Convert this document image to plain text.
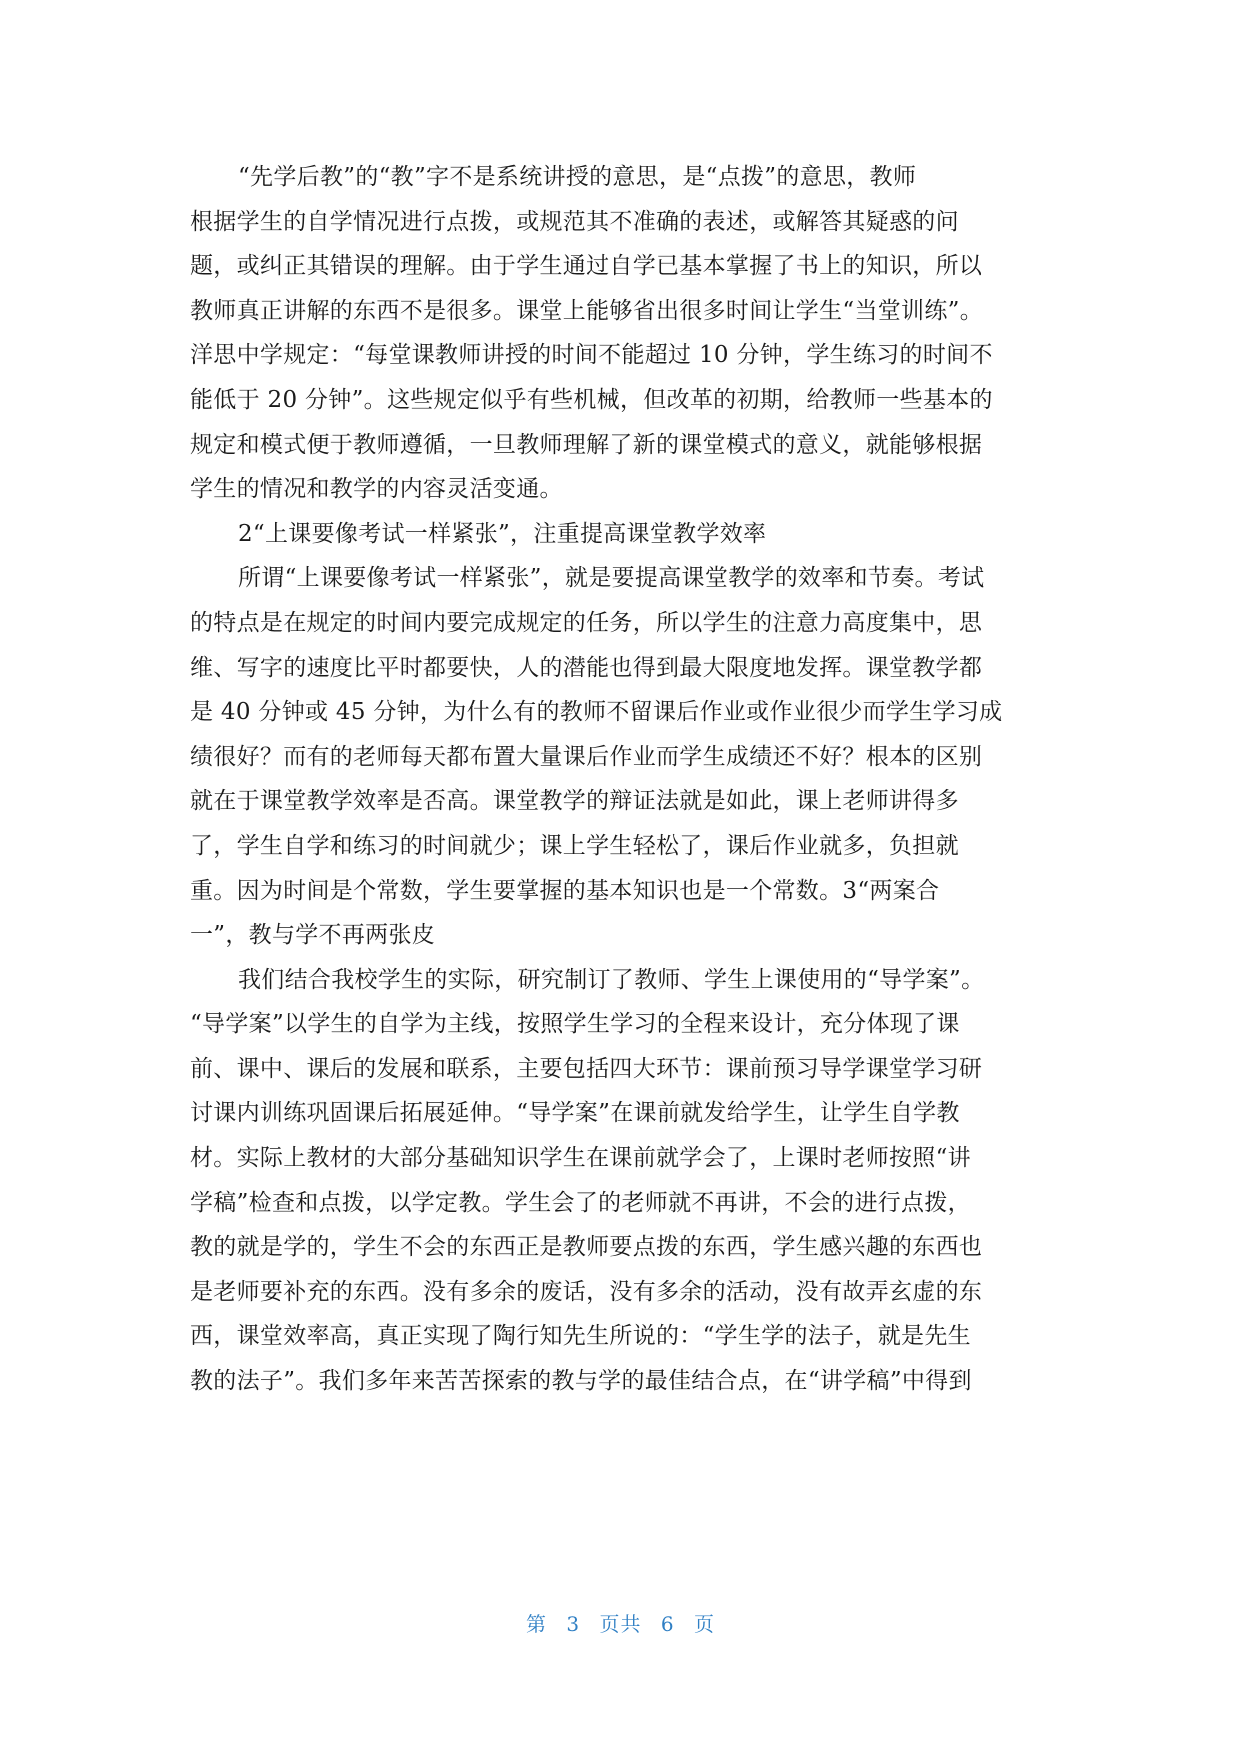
“先学后教”的“教”字不是系统讲授的意思，是“点拨”的意思，教师
根据学生的自学情况进行点拨，或规范其不准确的表述，或解答其疑惑的问
题，或纠正其错误的理解。由于学生通过自学已基本掌握了书上的知识，所以
教师真正讲解的东西不是很多。课堂上能够省出很多时间让学生“当堂训练”。
洋思中学规定：“每堂课教师讲授的时间不能超过 10 分钟，学生练习的时间不
能低于 20 分钟”。这些规定似乎有些机械，但改革的初期，给教师一些基本的
规定和模式便于教师遵循，一旦教师理解了新的课堂模式的意义，就能够根据
学生的情况和教学的内容灵活变通。
2“上课要像考试一样紧张”，注重提高课堂教学效率
所谓“上课要像考试一样紧张”，就是要提高课堂教学的效率和节奏。考试
的特点是在规定的时间内要完成规定的任务，所以学生的注意力高度集中，思
维、写字的速度比平时都要快，人的潜能也得到最大限度地发挥。课堂教学都
是 40 分钟或 45 分钟，为什么有的教师不留课后作业或作业很少而学生学习成
绩很好？而有的老师每天都布置大量课后作业而学生成绩还不好？根本的区别
就在于课堂教学效率是否高。课堂教学的辩证法就是如此，课上老师讲得多
了，学生自学和练习的时间就少；课上学生轻松了，课后作业就多，负担就
重。因为时间是个常数，学生要掌握的基本知识也是一个常数。3“两案合
一”，教与学不再两张皮
我们结合我校学生的实际，研究制订了教师、学生上课使用的“导学案”。
“导学案”以学生的自学为主线，按照学生学习的全程来设计，充分体现了课
前、课中、课后的发展和联系，主要包括四大环节：课前预习导学课堂学习研
讨课内训练巩固课后拓展延伸。“导学案”在课前就发给学生，让学生自学教
材。实际上教材的大部分基础知识学生在课前就学会了，上课时老师按照“讲
学稿”检查和点拨，以学定教。学生会了的老师就不再讲，不会的进行点拨，
教的就是学的，学生不会的东西正是教师要点拨的东西，学生感兴趣的东西也
是老师要补充的东西。没有多余的废话，没有多余的活动，没有故弄玄虚的东
西，课堂效率高，真正实现了陶行知先生所说的：“学生学的法子，就是先生
教的法子”。我们多年来苦苦探索的教与学的最佳结合点，在“讲学稿”中得到
第 3 页共 6 页
